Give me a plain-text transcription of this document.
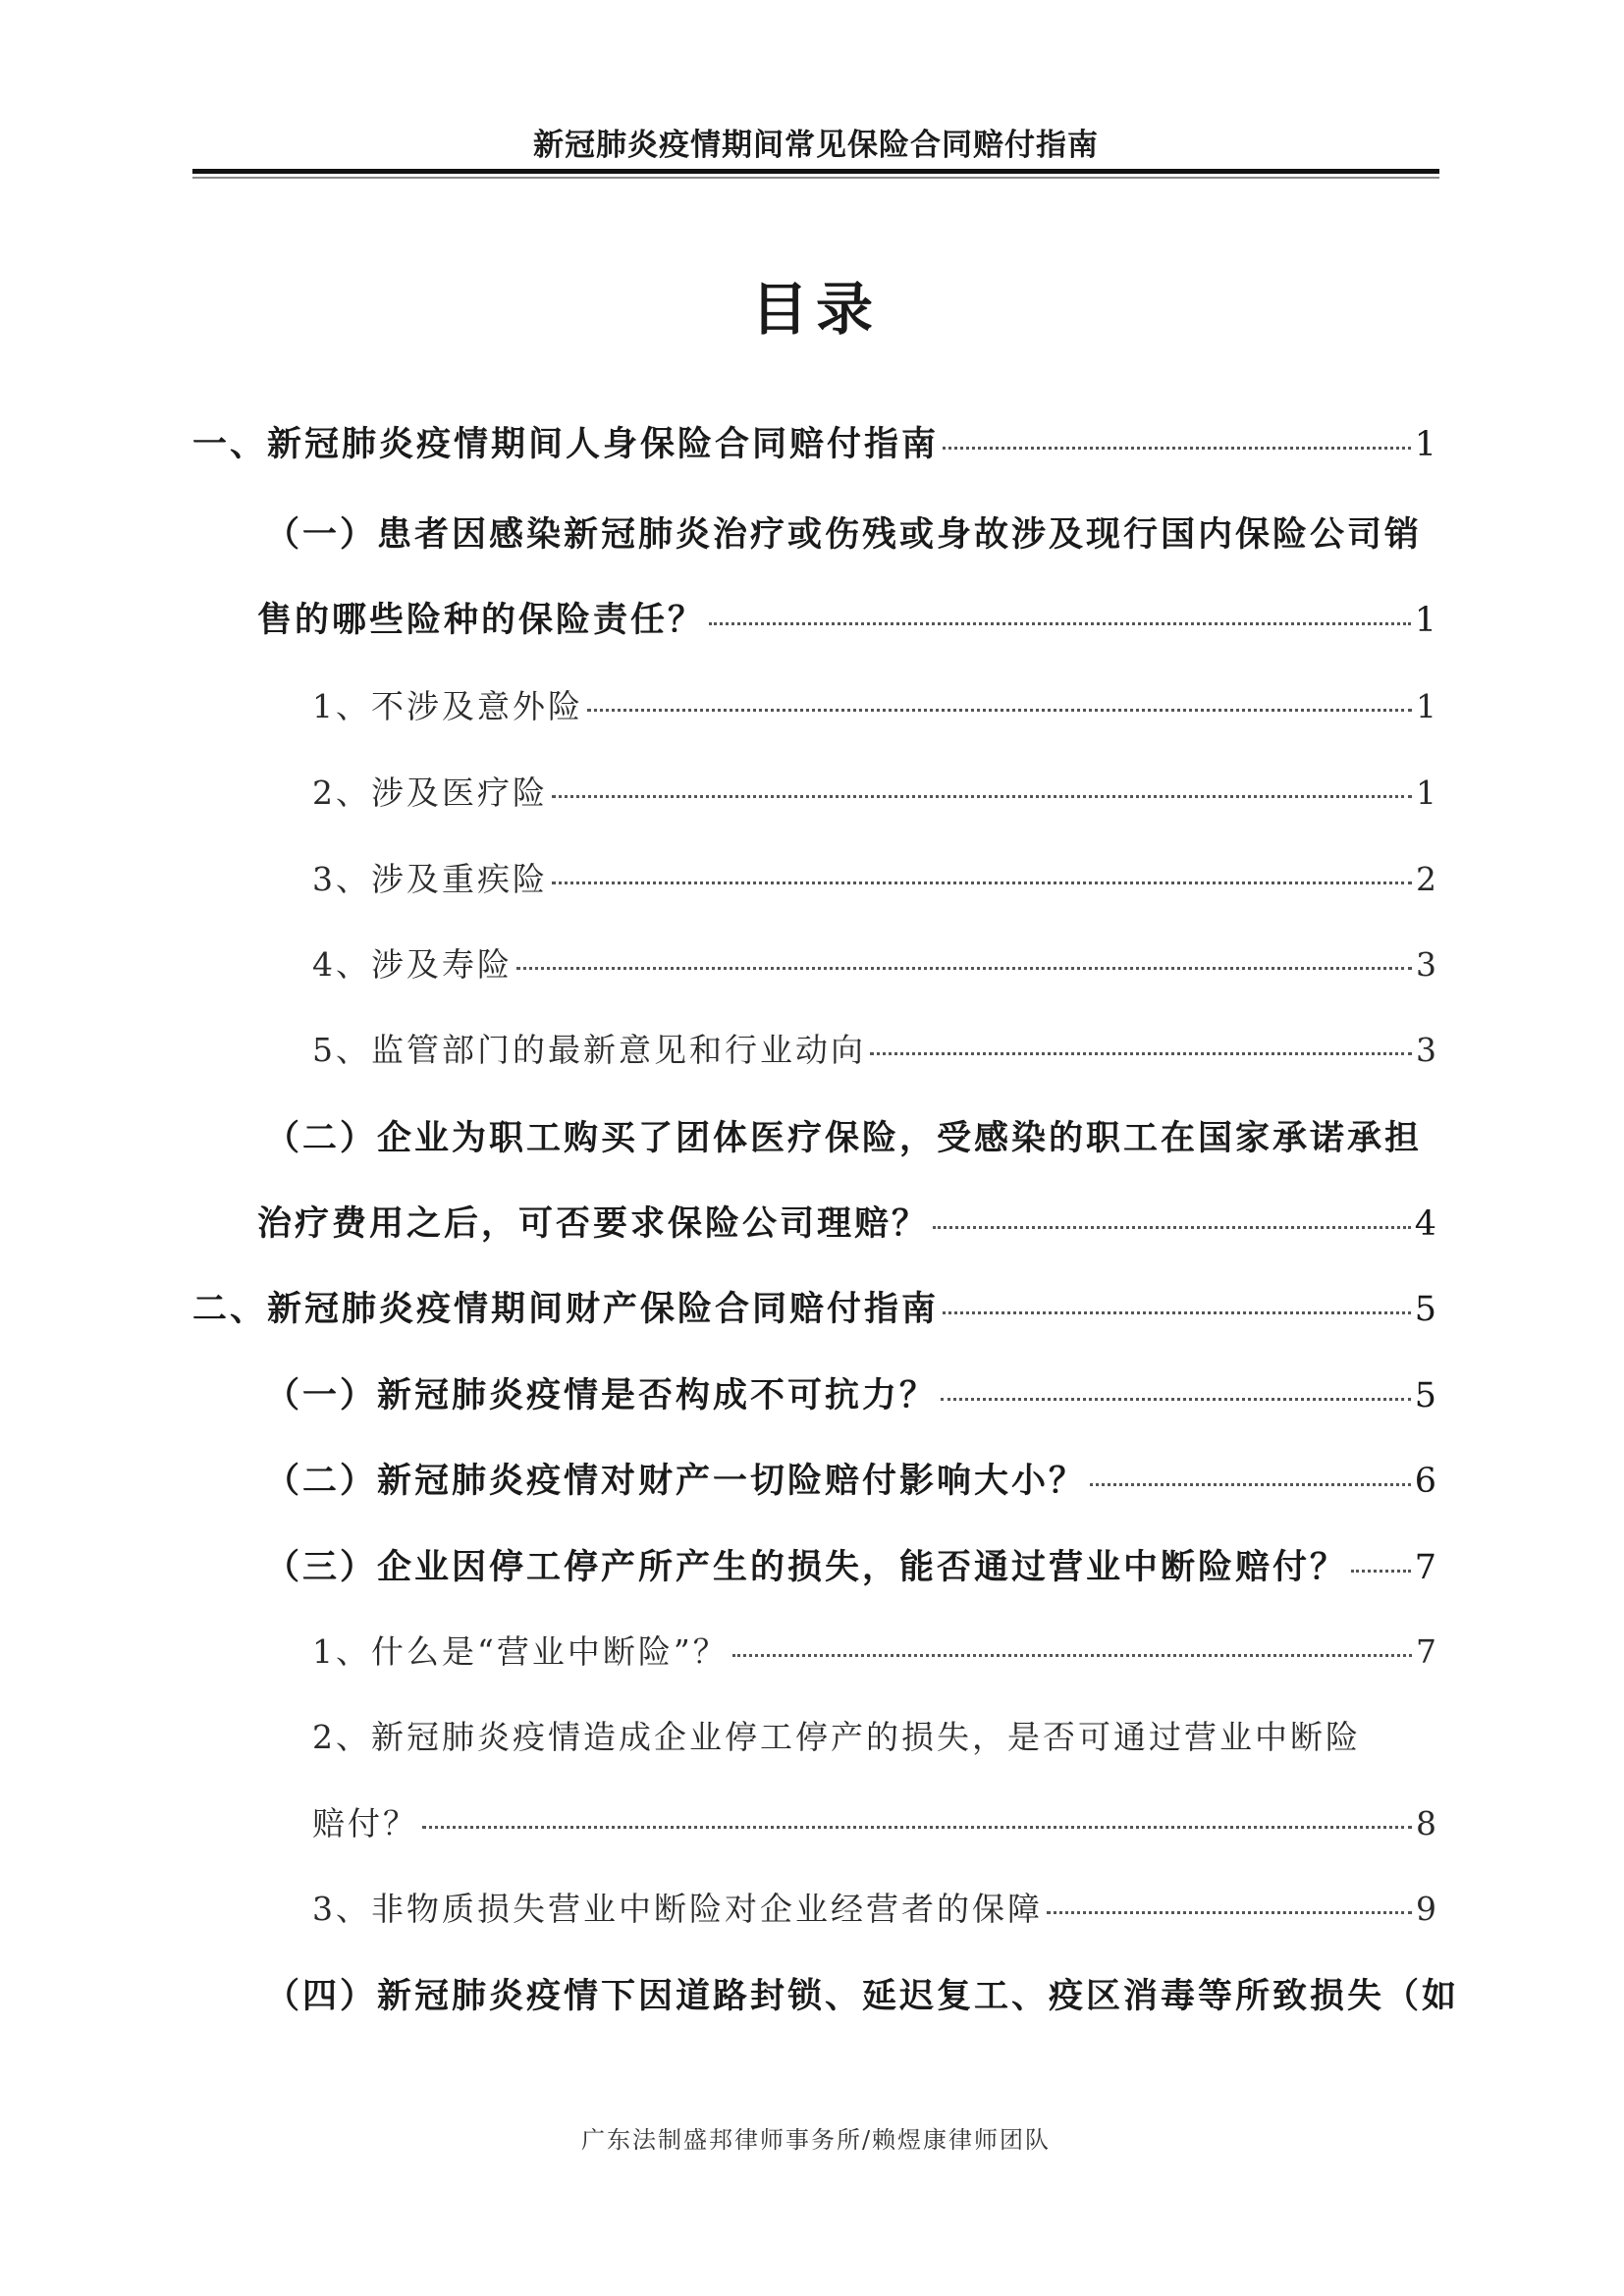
新冠肺炎疫情期间常见保险合同赔付指南
目录
一、新冠肺炎疫情期间人身保险合同赔付指南	1
（一）患者因感染新冠肺炎治疗或伤残或身故涉及现行国内保险公司销
售的哪些险种的保险责任？	1
1、不涉及意外险	1
2、涉及医疗险	1
3、涉及重疾险	2
4、涉及寿险	3
5、监管部门的最新意见和行业动向	3
（二）企业为职工购买了团体医疗保险，受感染的职工在国家承诺承担
治疗费用之后，可否要求保险公司理赔？	4
二、新冠肺炎疫情期间财产保险合同赔付指南	5
（一）新冠肺炎疫情是否构成不可抗力？	5
（二）新冠肺炎疫情对财产一切险赔付影响大小？	6
（三）企业因停工停产所产生的损失，能否通过营业中断险赔付？ 7
1、什么是“营业中断险”？	7
2、新冠肺炎疫情造成企业停工停产的损失，是否可通过营业中断险
赔付？	8
3、非物质损失营业中断险对企业经营者的保障	9
（四）新冠肺炎疫情下因道路封锁、延迟复工、疫区消毒等所致损失（如
广东法制盛邦律师事务所/赖煜康律师团队
